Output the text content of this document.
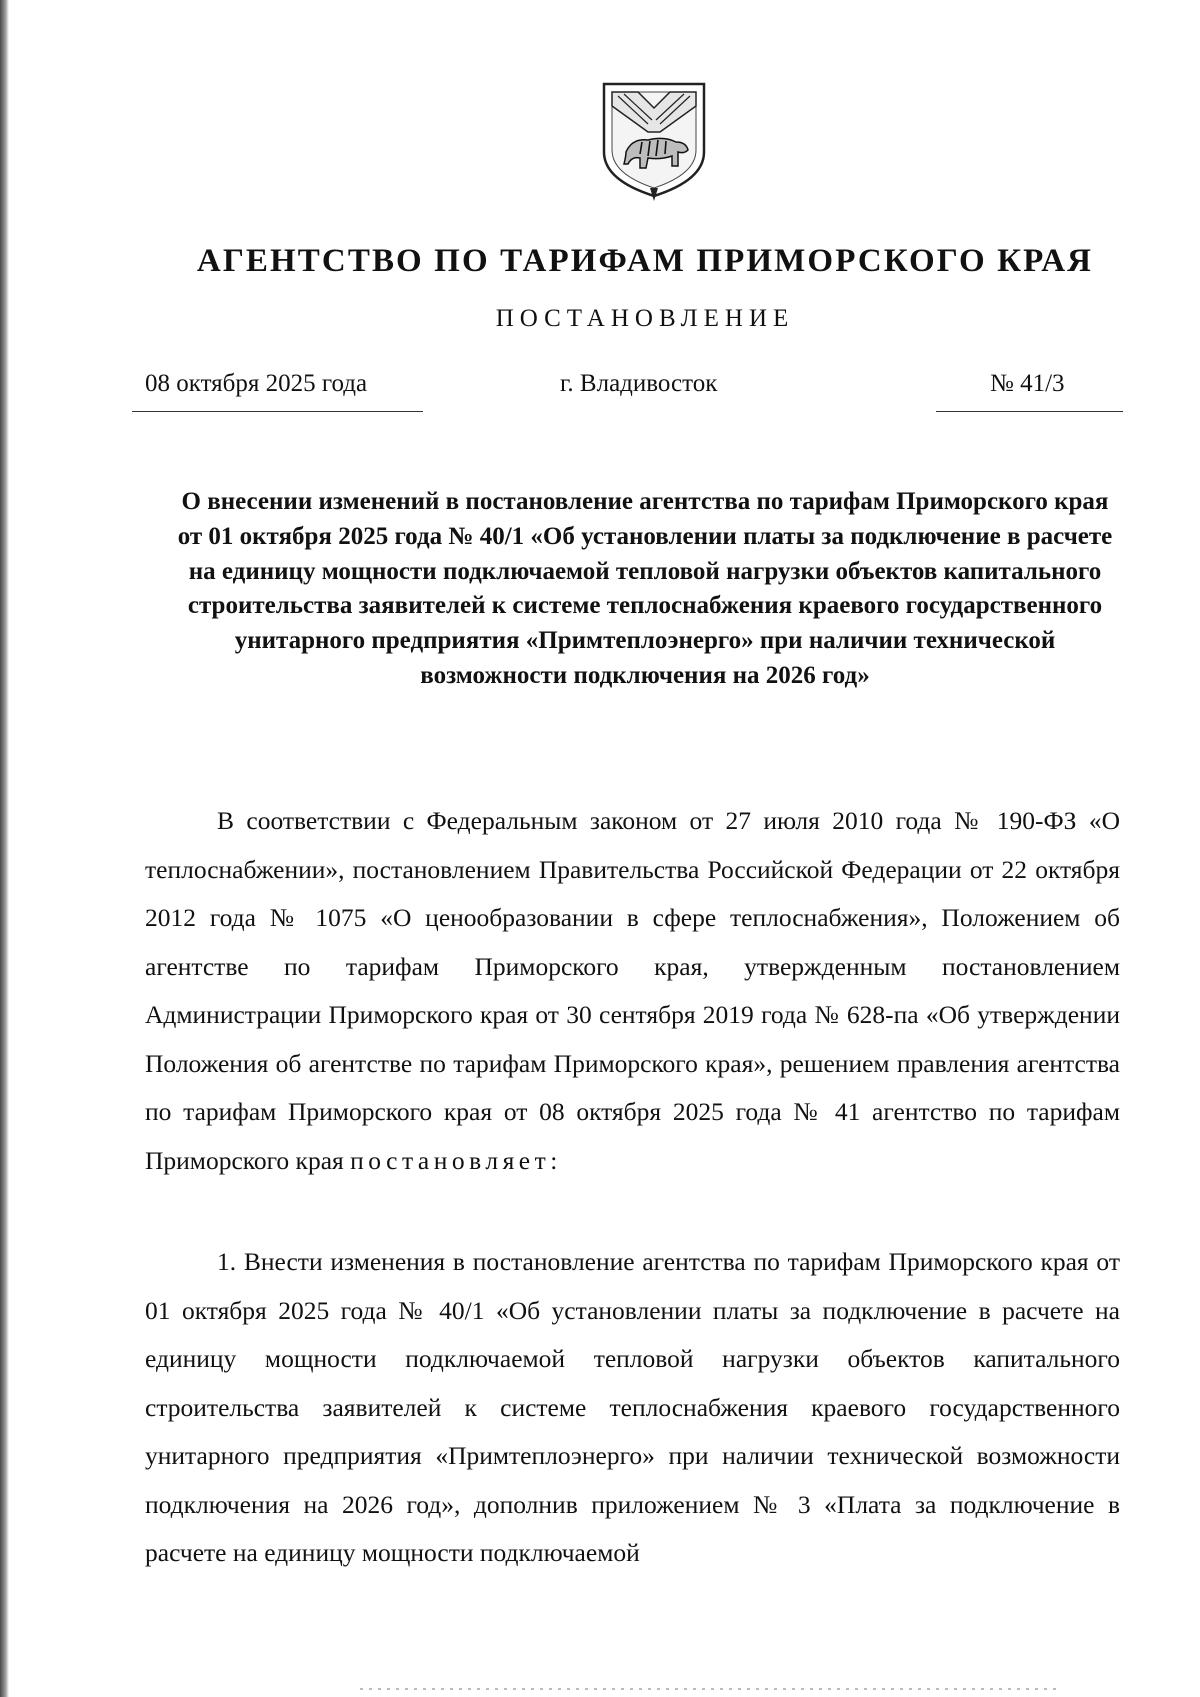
АГЕНТСТВО ПО ТАРИФАМ ПРИМОРСКОГО КРАЯ
ПОСТАНОВЛЕНИЕ
08 октября 2025 года	г. Владивосток	№ 41/3
О внесении изменений в постановление агентства по тарифам Приморского края от 01 октября 2025 года № 40/1 «Об установлении платы за подключение в расчете на единицу мощности подключаемой тепловой нагрузки объектов капитального строительства заявителей к системе теплоснабжения краевого государственного унитарного предприятия «Примтеплоэнерго» при наличии технической возможности подключения на 2026 год»

В соответствии с Федеральным законом от 27 июля 2010 года № 190-ФЗ «О теплоснабжении», постановлением Правительства Российской Федерации от 22 октября 2012 года № 1075 «О ценообразовании в сфере теплоснабжения», Положением об агентстве по тарифам Приморского края, утвержденным постановлением Администрации Приморского края от 30 сентября 2019 года № 628-па «Об утверждении Положения об агентстве по тарифам Приморского края», решением правления агентства по тарифам Приморского края от 08 октября 2025 года № 41 агентство по тарифам Приморского края постановляет:

1. Внести изменения в постановление агентства по тарифам Приморского края от 01 октября 2025 года № 40/1 «Об установлении платы за подключение в расчете на единицу мощности подключаемой тепловой нагрузки объектов капитального строительства заявителей к системе теплоснабжения краевого государственного унитарного предприятия «Примтеплоэнерго» при наличии технической возможности подключения на 2026 год», дополнив приложением № 3 «Плата за подключение в расчете на единицу мощности подключаемой
